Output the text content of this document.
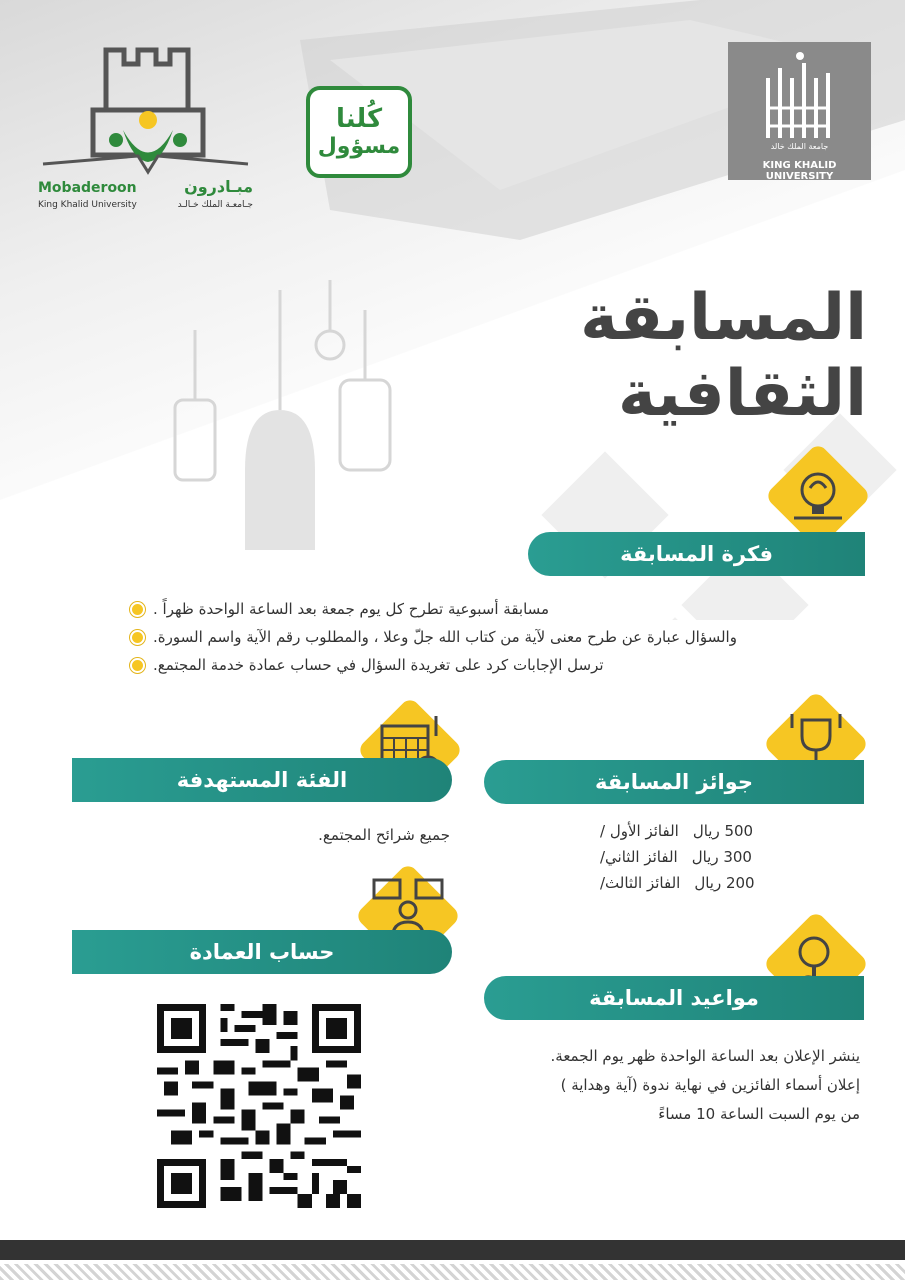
Mobaderoon
King Khalid University
مبـادرون
جـامعـة الملك خـالـد
كُلنا
مسؤول	جامعة الملك خالد
KING KHALID UNIVERSITY
المسابقة
الثقافية
فكرة المسابقة
مسابقة أسبوعية تطرح كل يوم جمعة بعد الساعة الواحدة ظهراً .
والسؤال عبارة عن طرح معنى لآية من كتاب الله جلّ وعلا ، والمطلوب رقم الآية واسم السورة.
ترسل الإجابات كرد على تغريدة السؤال في حساب عمادة خدمة المجتمع.
جوائز المسابقة
الفائز الأول / 500 ريال
الفائز الثاني/ 300 ريال
الفائز الثالث/ 200 ريال
الفئة المستهدفة
جميع شرائح المجتمع.
حساب العمادة
مواعيد المسابقة
ينشر الإعلان بعد الساعة الواحدة ظهر يوم الجمعة.
إعلان أسماء الفائزين في نهاية ندوة (آية وهداية )
من يوم السبت الساعة 10 مساءً
